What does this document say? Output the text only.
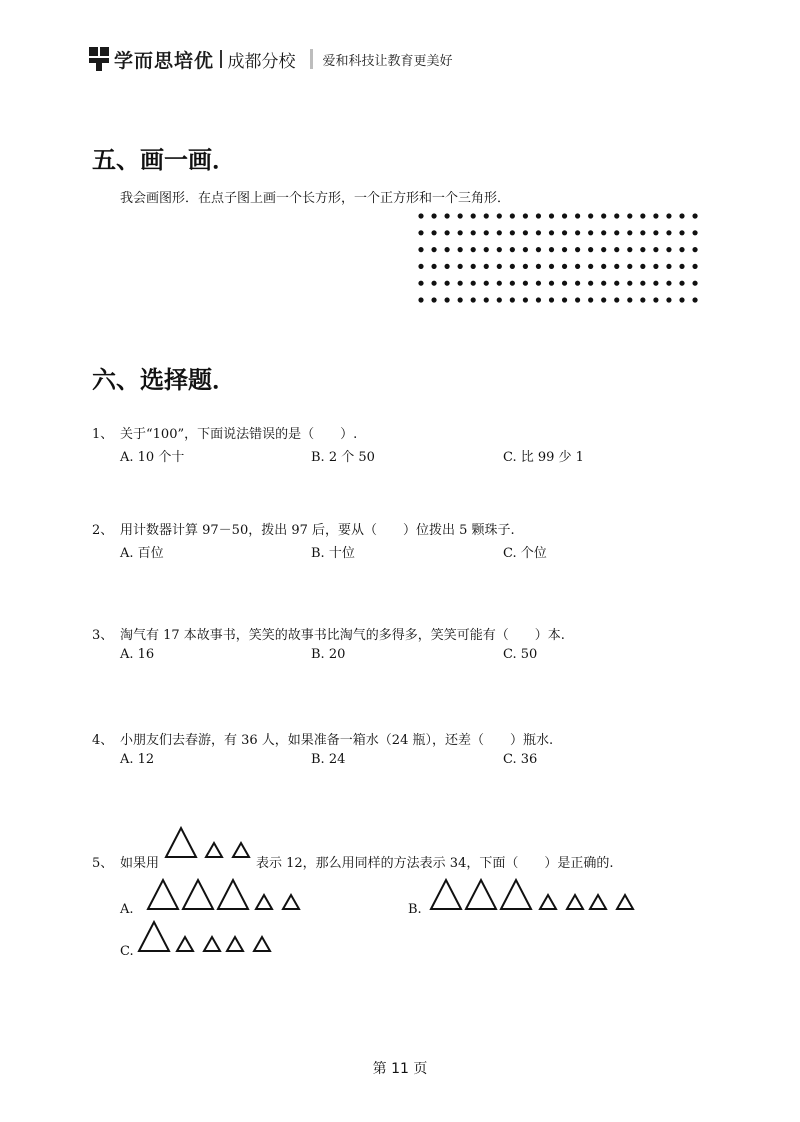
学而思培优 成都分校 爱和科技让教育更美好
五、画一画．
我会画图形．在点子图上画一个长方形，一个正方形和一个三角形．
六、选择题．
1、 关于“100”，下面说法错误的是（　　）.
A. 10 个十	B. 2 个 50	C. 比 99 少 1
2、 用计数器计算 97－50，拨出 97 后，要从（　　）位拨出 5 颗珠子.
A. 百位	B. 十位	C. 个位
3、 淘气有 17 本故事书，笑笑的故事书比淘气的多得多，笑笑可能有（　　）本.
A. 16	B. 20	C. 50
4、 小朋友们去春游，有 36 人，如果准备一箱水（24 瓶），还差（　　）瓶水.
A. 12	B. 24	C. 36
5、 如果用	表示 12，那么用同样的方法表示 34，下面（　　）是正确的.
A.	B.
C.
第 11 页
